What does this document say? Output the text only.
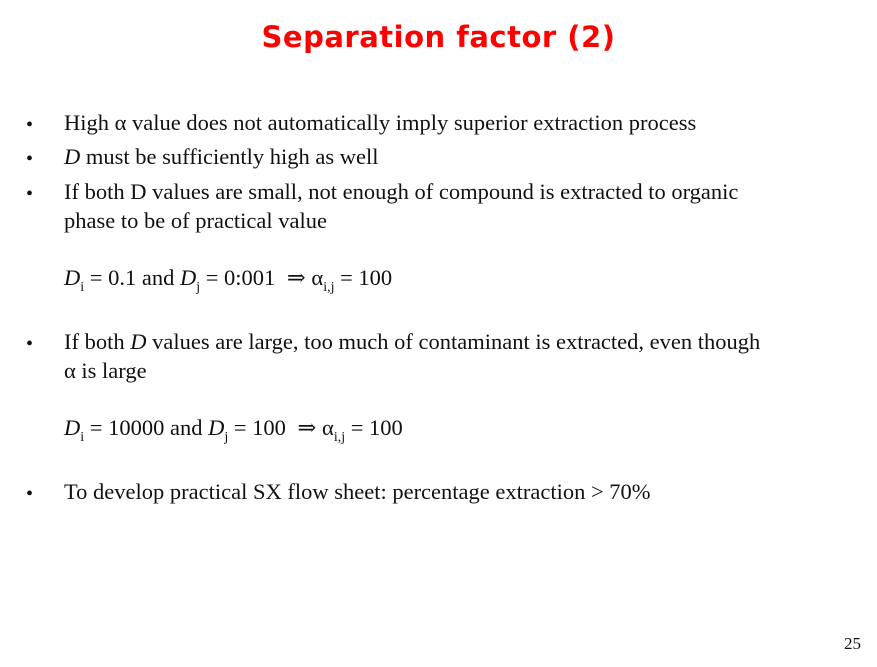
Separation factor (2)
• High α value does not automatically imply superior extraction process
• D must be sufficiently high as well
• If both D values are small, not enough of compound is extracted to organic
phase to be of practical value
$D_i = 0.1$ and $D_j$ = 0:001 ⇒ $\alpha_{i,j} = 100$
• If both D values are large, too much of contaminant is extracted, even though
α is large
$D_i = 10000$ and $D_j = 100$ ⇒ $\alpha_{i,j} = 100$
• To develop practical SX flow sheet: percentage extraction > 70%
25
